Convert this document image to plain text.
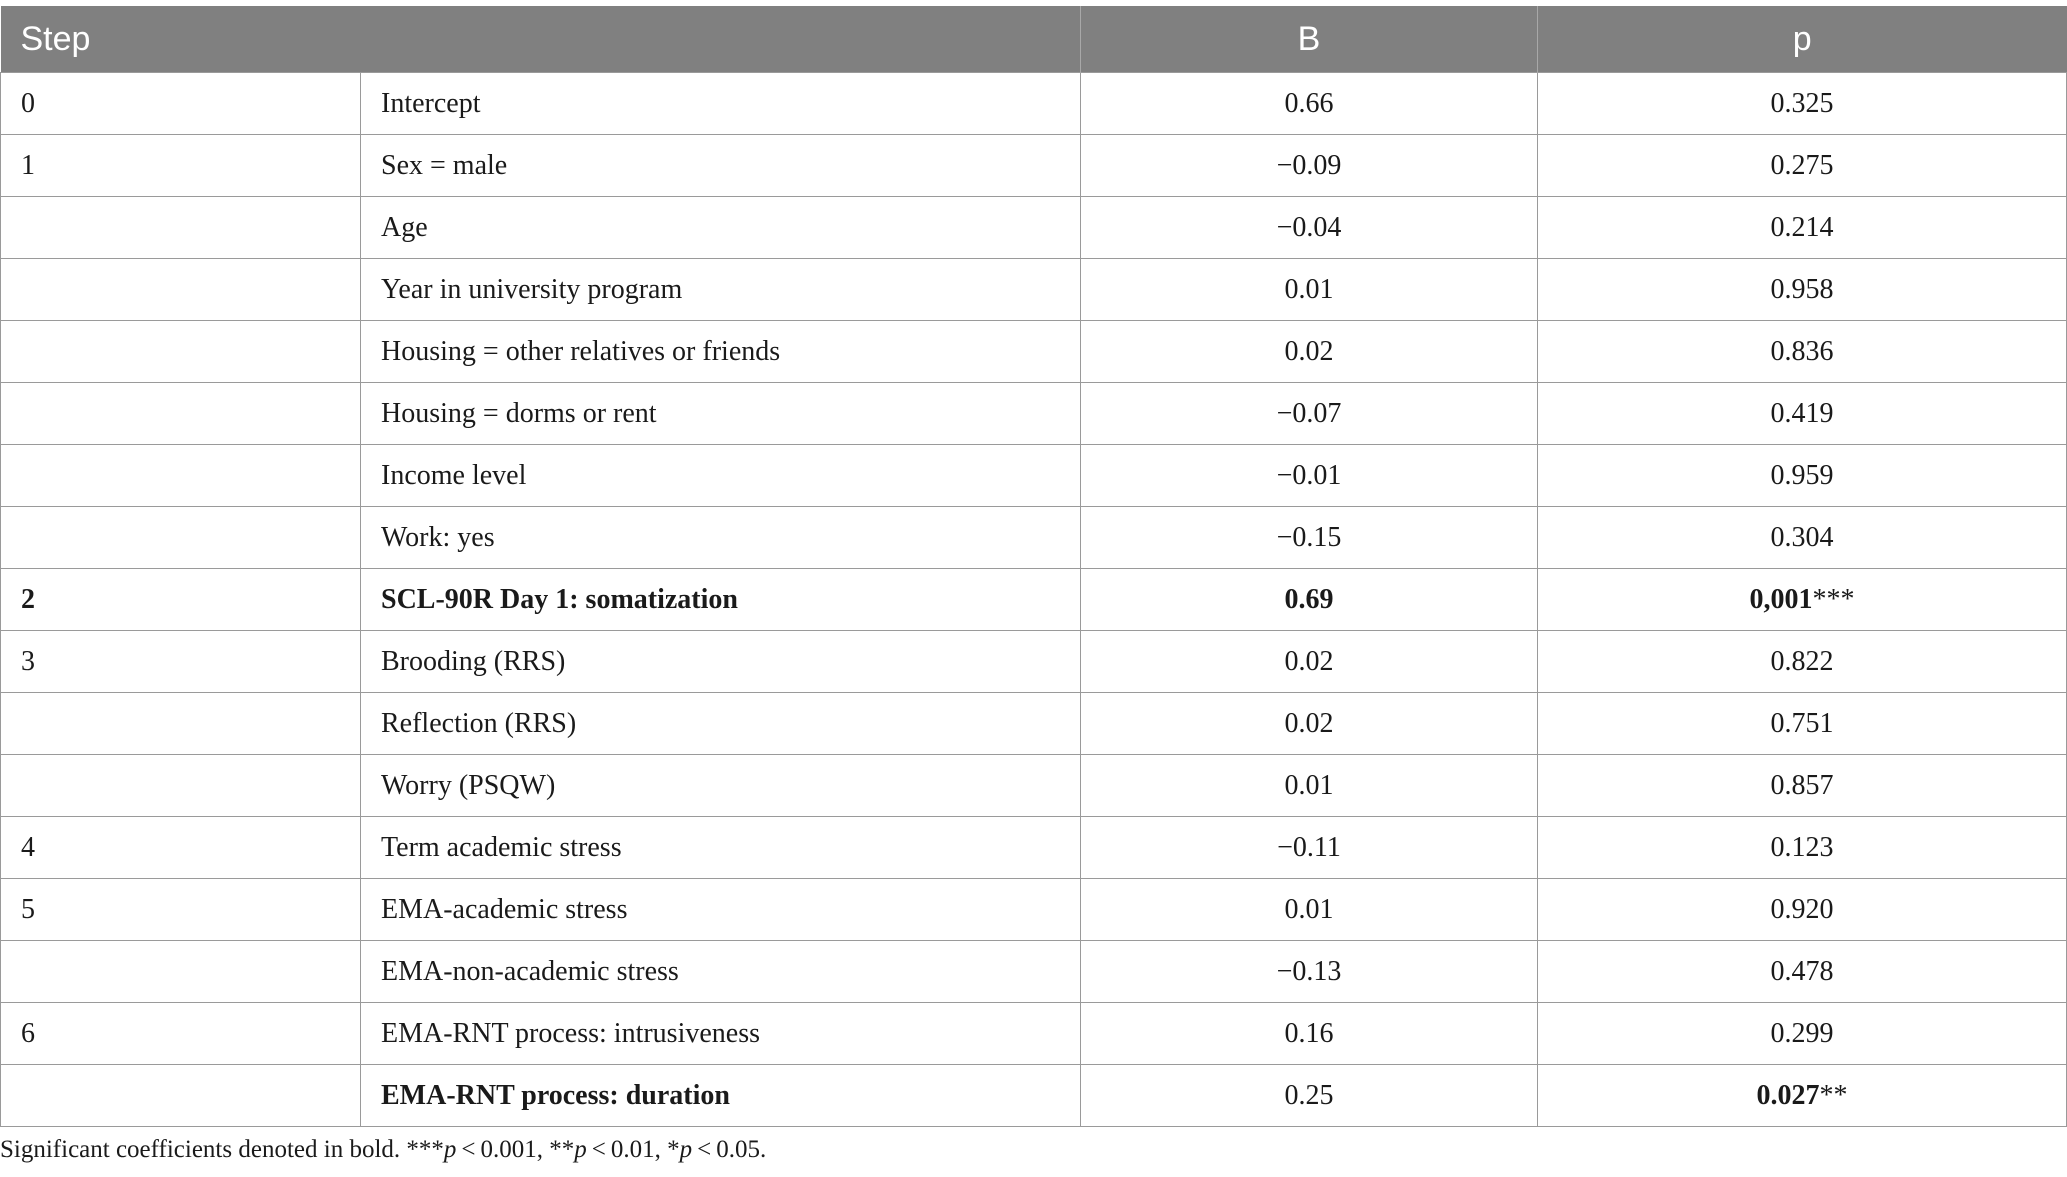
Step		B	p
0	Intercept	0.66	0.325
1	Sex = male	−0.09	0.275
	Age	−0.04	0.214
	Year in university program	0.01	0.958
	Housing = other relatives or friends	0.02	0.836
	Housing = dorms or rent	−0.07	0.419
	Income level	−0.01	0.959
	Work: yes	−0.15	0.304
2	SCL-90R Day 1: somatization	0.69	0,001***
3	Brooding (RRS)	0.02	0.822
	Reflection (RRS)	0.02	0.751
	Worry (PSQW)	0.01	0.857
4	Term academic stress	−0.11	0.123
5	EMA-academic stress	0.01	0.920
	EMA-non-academic stress	−0.13	0.478
6	EMA-RNT process: intrusiveness	0.16	0.299
	EMA-RNT process: duration	0.25	0.027**
Significant coefficients denoted in bold. ***p < 0.001, **p < 0.01, *p < 0.05.
